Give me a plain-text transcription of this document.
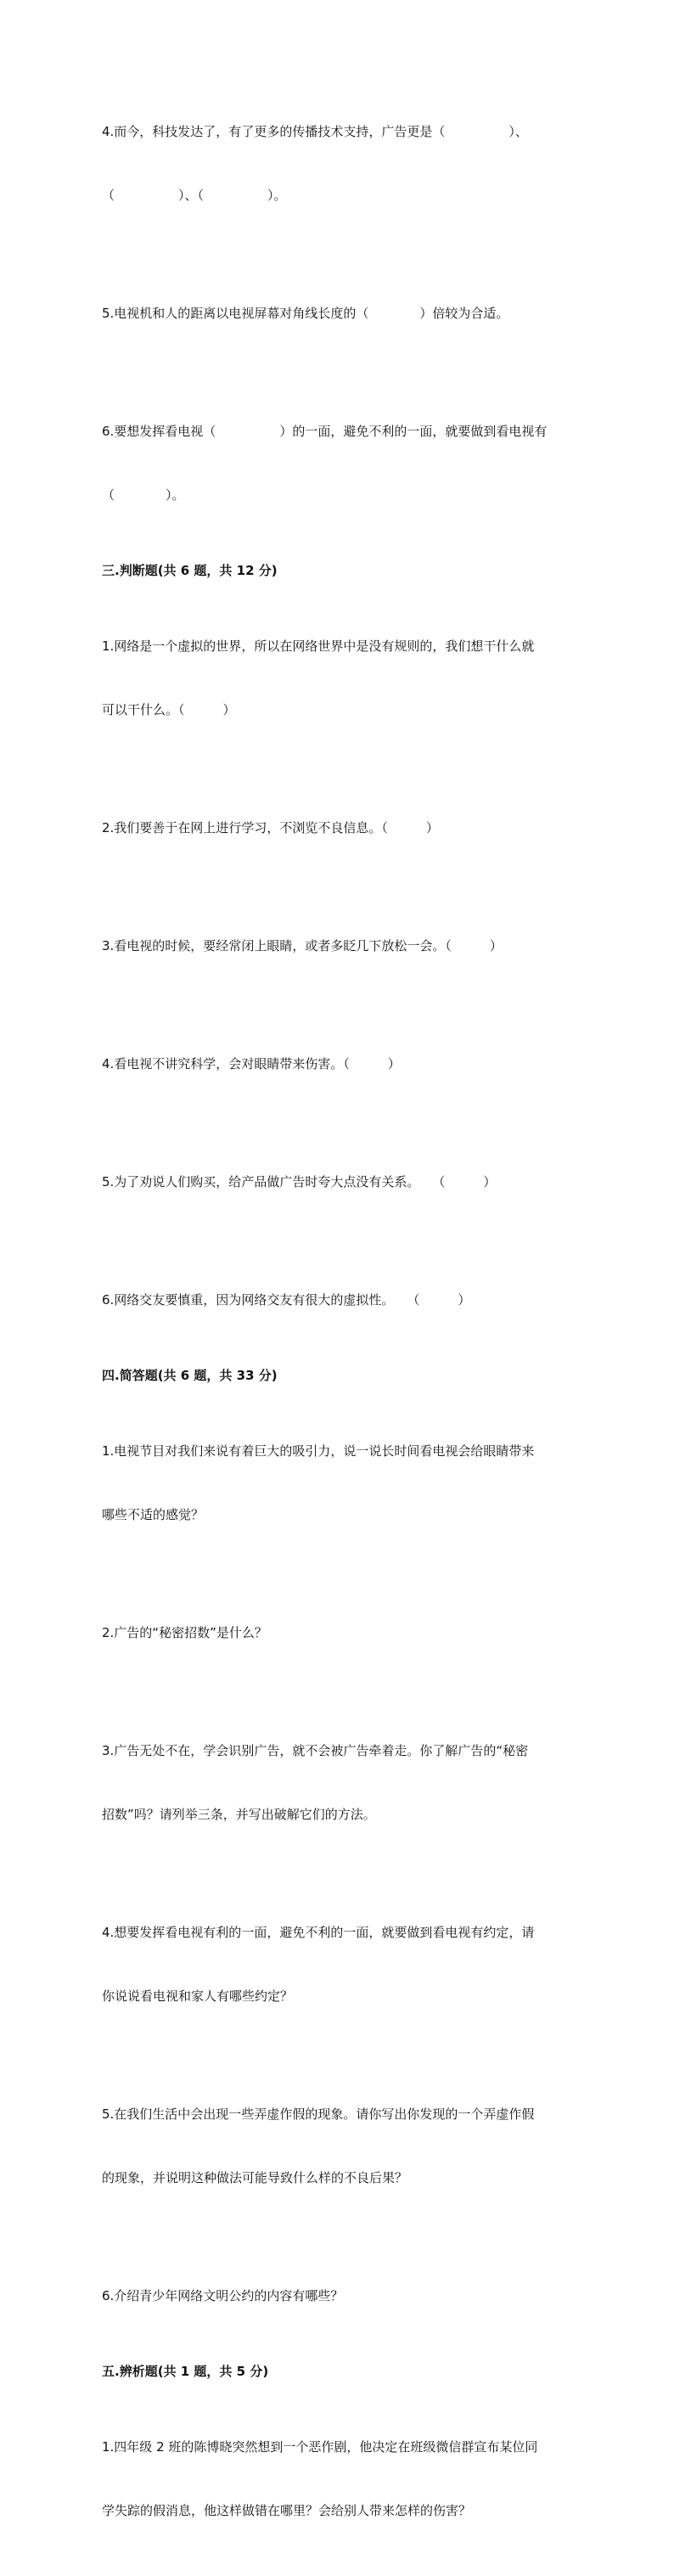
4.而今，科技发达了，有了更多的传播技术支持，广告更是（　　　　　）、

（　　　　　）、（　　　　　）。

5.电视机和人的距离以电视屏幕对角线长度的（　　　　）倍较为合适。

6.要想发挥看电视（　　　　　）的一面，避免不利的一面，就要做到看电视有

（　　　　）。

三.判断题(共 6 题，共 12 分)

1.网络是一个虚拟的世界，所以在网络世界中是没有规则的，我们想干什么就

可以干什么。（　　　）

2.我们要善于在网上进行学习，不浏览不良信息。（　　　）

3.看电视的时候，要经常闭上眼睛，或者多眨几下放松一会。（　　　）

4.看电视不讲究科学，会对眼睛带来伤害。（　　　）

5.为了劝说人们购买，给产品做广告时夸大点没有关系。　　（　　　）

6.网络交友要慎重，因为网络交友有很大的虚拟性。　　（　　　）

四.简答题(共 6 题，共 33 分)

1.电视节目对我们来说有着巨大的吸引力，说一说长时间看电视会给眼睛带来

哪些不适的感觉？

2.广告的“秘密招数”是什么？

3.广告无处不在，学会识别广告，就不会被广告牵着走。你了解广告的“秘密

招数”吗？请列举三条，并写出破解它们的方法。

4.想要发挥看电视有利的一面，避免不利的一面，就要做到看电视有约定，请

你说说看电视和家人有哪些约定？

5.在我们生活中会出现一些弄虚作假的现象。请你写出你发现的一个弄虚作假

的现象，并说明这种做法可能导致什么样的不良后果？

6.介绍青少年网络文明公约的内容有哪些？

五.辨析题(共 1 题，共 5 分)

1.四年级 2 班的陈博晓突然想到一个恶作剧，他决定在班级微信群宣布某位同

学失踪的假消息，他这样做错在哪里？会给别人带来怎样的伤害？
